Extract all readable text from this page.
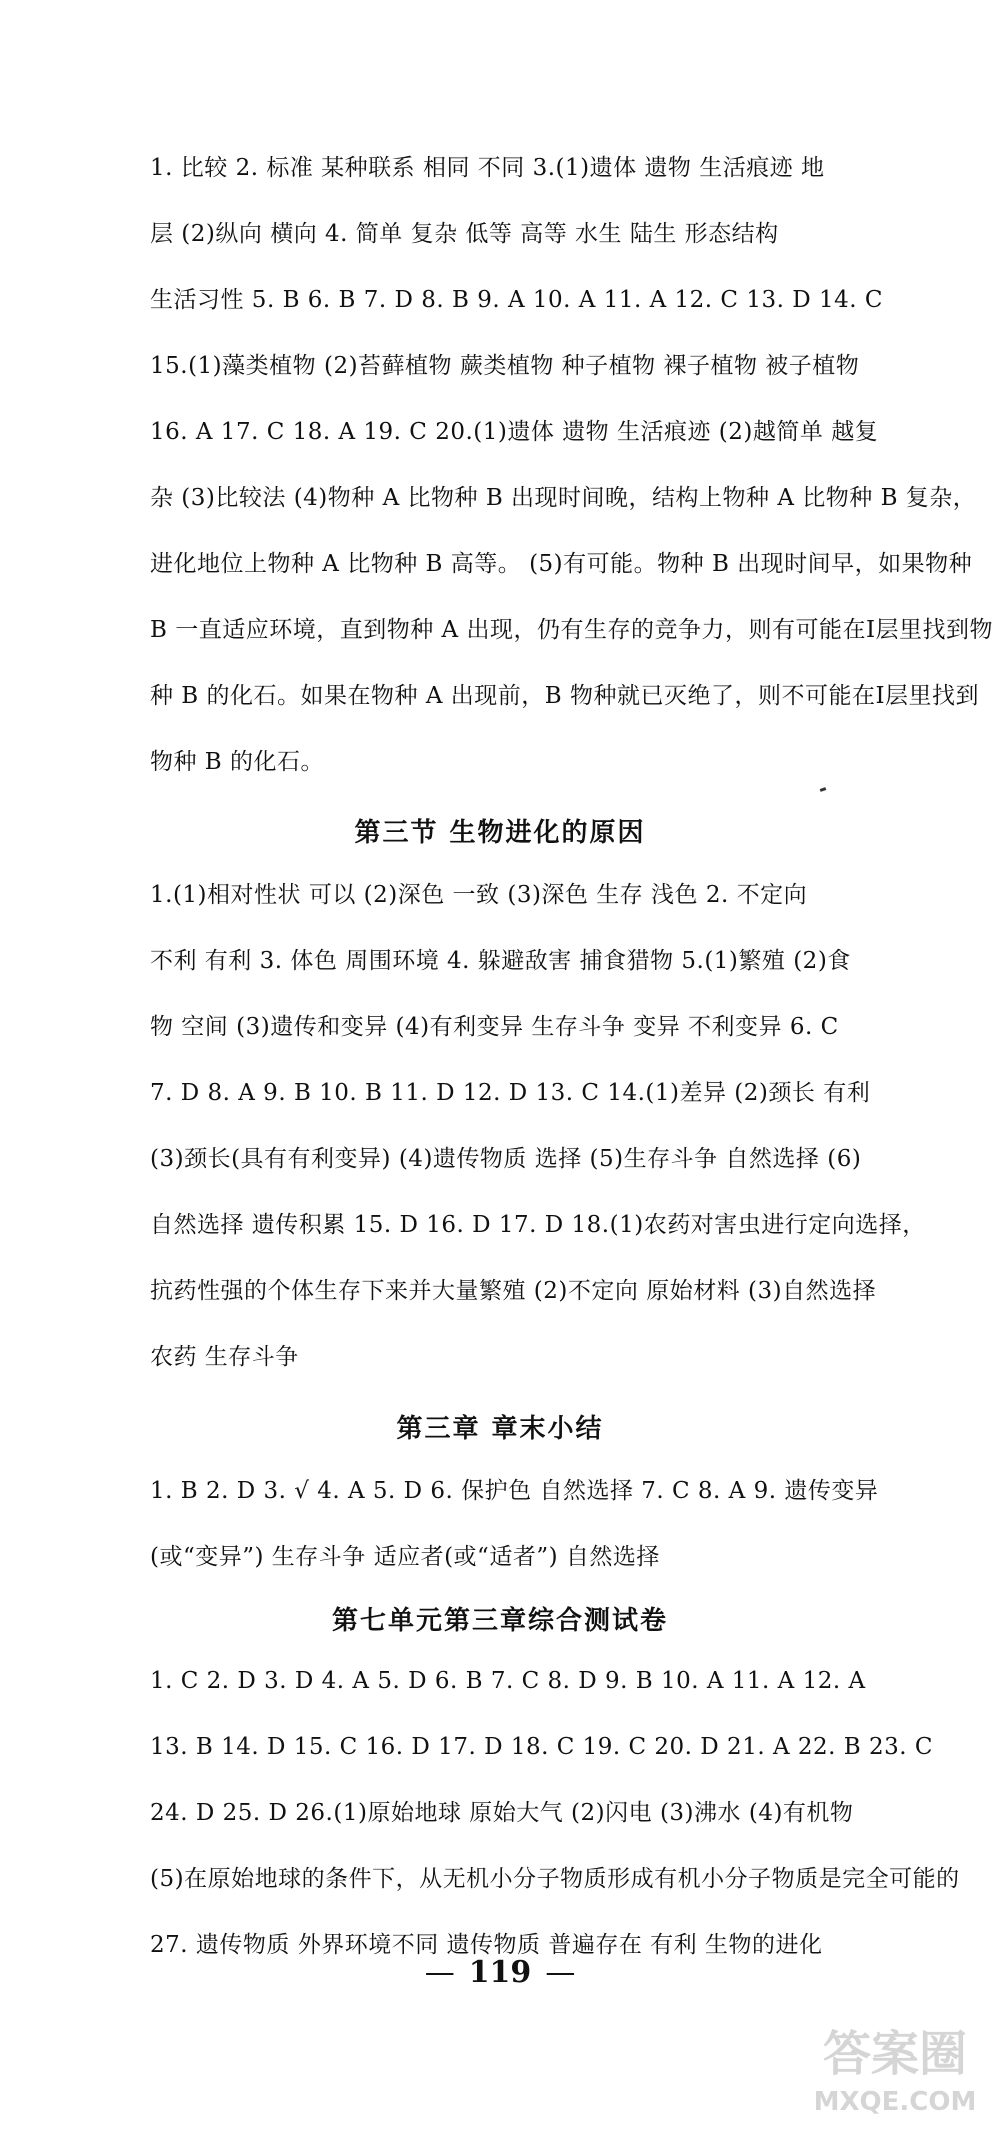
1. 比较 2. 标准 某种联系 相同 不同 3.(1)遗体 遗物 生活痕迹 地
层 (2)纵向 横向 4. 简单 复杂 低等 高等 水生 陆生 形态结构
生活习性 5. B 6. B 7. D 8. B 9. A 10. A 11. A 12. C 13. D 14. C
15.(1)藻类植物 (2)苔藓植物 蕨类植物 种子植物 裸子植物 被子植物
16. A 17. C 18. A 19. C 20.(1)遗体 遗物 生活痕迹 (2)越简单 越复
杂 (3)比较法 (4)物种 A 比物种 B 出现时间晚，结构上物种 A 比物种 B 复杂，
进化地位上物种 A 比物种 B 高等。 (5)有可能。物种 B 出现时间早，如果物种
B 一直适应环境，直到物种 A 出现，仍有生存的竞争力，则有可能在Ⅰ层里找到物
种 B 的化石。如果在物种 A 出现前，B 物种就已灭绝了，则不可能在Ⅰ层里找到
物种 B 的化石。
第三节 生物进化的原因
1.(1)相对性状 可以 (2)深色 一致 (3)深色 生存 浅色 2. 不定向
不利 有利 3. 体色 周围环境 4. 躲避敌害 捕食猎物 5.(1)繁殖 (2)食
物 空间 (3)遗传和变异 (4)有利变异 生存斗争 变异 不利变异 6. C
7. D 8. A 9. B 10. B 11. D 12. D 13. C 14.(1)差异 (2)颈长 有利
(3)颈长(具有有利变异) (4)遗传物质 选择 (5)生存斗争 自然选择 (6)
自然选择 遗传积累 15. D 16. D 17. D 18.(1)农药对害虫进行定向选择，
抗药性强的个体生存下来并大量繁殖 (2)不定向 原始材料 (3)自然选择
农药 生存斗争
第三章 章末小结
1. B 2. D 3. √ 4. A 5. D 6. 保护色 自然选择 7. C 8. A 9. 遗传变异
(或“变异”) 生存斗争 适应者(或“适者”) 自然选择
第七单元第三章综合测试卷
1. C 2. D 3. D 4. A 5. D 6. B 7. C 8. D 9. B 10. A 11. A 12. A
13. B 14. D 15. C 16. D 17. D 18. C 19. C 20. D 21. A 22. B 23. C
24. D 25. D 26.(1)原始地球 原始大气 (2)闪电 (3)沸水 (4)有机物
(5)在原始地球的条件下，从无机小分子物质形成有机小分子物质是完全可能的
27. 遗传物质 外界环境不同 遗传物质 普遍存在 有利 生物的进化
— 119 —
答案圈
MXQE.COM
